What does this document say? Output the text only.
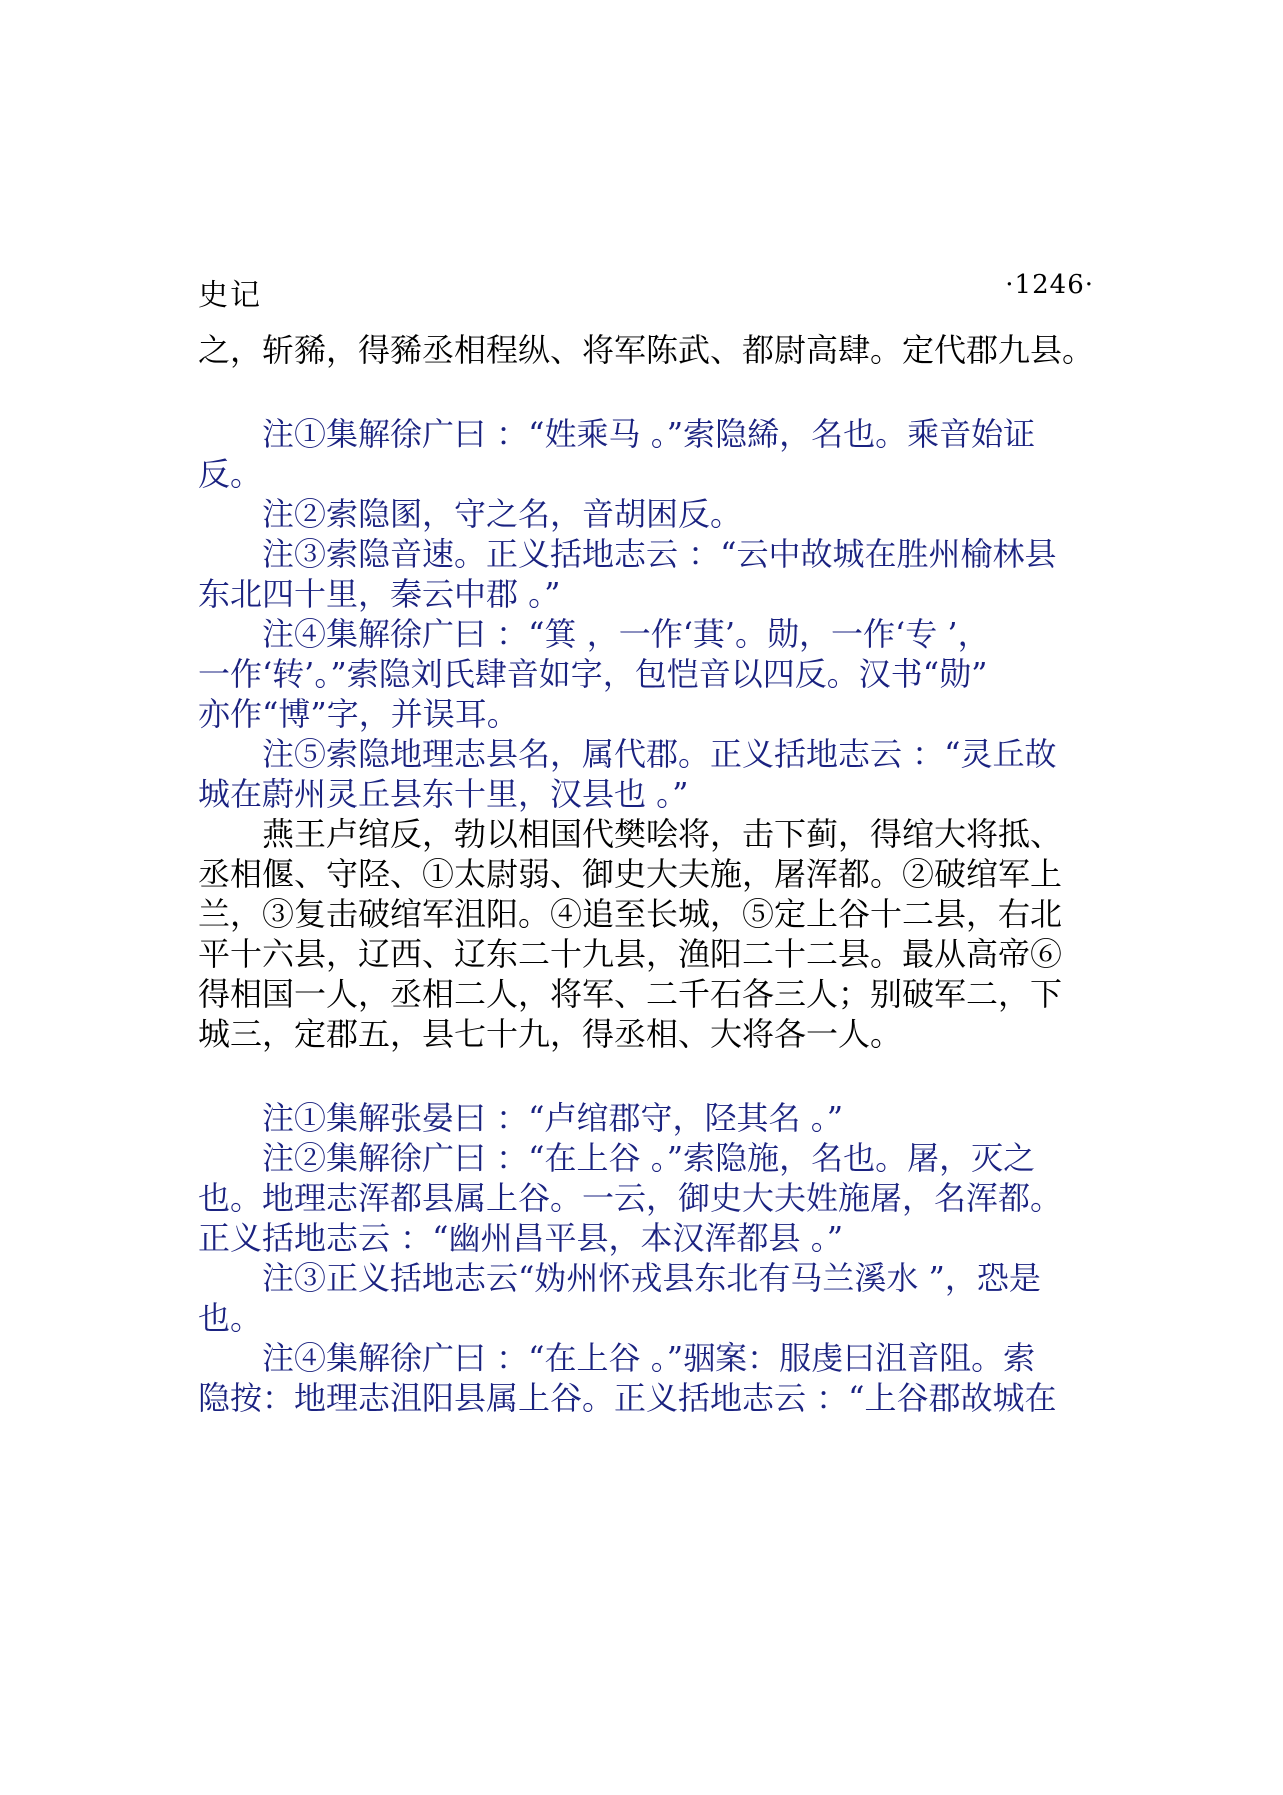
史记	·1246·

之，斩豨，得豨丞相程纵、将军陈武、都尉高肆。定代郡九县。

注①集解徐广曰 ：“姓乘马 。”索隐絺，名也。乘音始证

反。

注②索隐圂，守之名，音胡困反。

注③索隐音速。正义括地志云 ：“云中故城在胜州榆林县

东北四十里，秦云中郡 。”

注④集解徐广曰 ：“箕 ，一作‘萁’。勋，一作‘专 ’，

一作‘转’。”索隐刘氏肆音如字，包恺音以四反。汉书“勋”

亦作“博”字，并误耳。

注⑤索隐地理志县名，属代郡。正义括地志云 ：“灵丘故

城在蔚州灵丘县东十里，汉县也 。”

燕王卢绾反，勃以相国代樊哙将，击下蓟，得绾大将抵、

丞相偃、守陉、①太尉弱、御史大夫施，屠浑都。②破绾军上

兰，③复击破绾军沮阳。④追至长城，⑤定上谷十二县，右北

平十六县，辽西、辽东二十九县，渔阳二十二县。最从高帝⑥

得相国一人，丞相二人，将军、二千石各三人；别破军二，下

城三，定郡五，县七十九，得丞相、大将各一人。

注①集解张晏曰 ：“卢绾郡守，陉其名 。”

注②集解徐广曰 ：“在上谷 。”索隐施，名也。屠，灭之

也。地理志浑都县属上谷。一云，御史大夫姓施屠，名浑都。

正义括地志云 ：“幽州昌平县，本汉浑都县 。”

注③正义括地志云“妫州怀戎县东北有马兰溪水 ”，恐是

也。

注④集解徐广曰 ：“在上谷 。”骃案：服虔曰沮音阻。索

隐按：地理志沮阳县属上谷。正义括地志云 ：“上谷郡故城在
